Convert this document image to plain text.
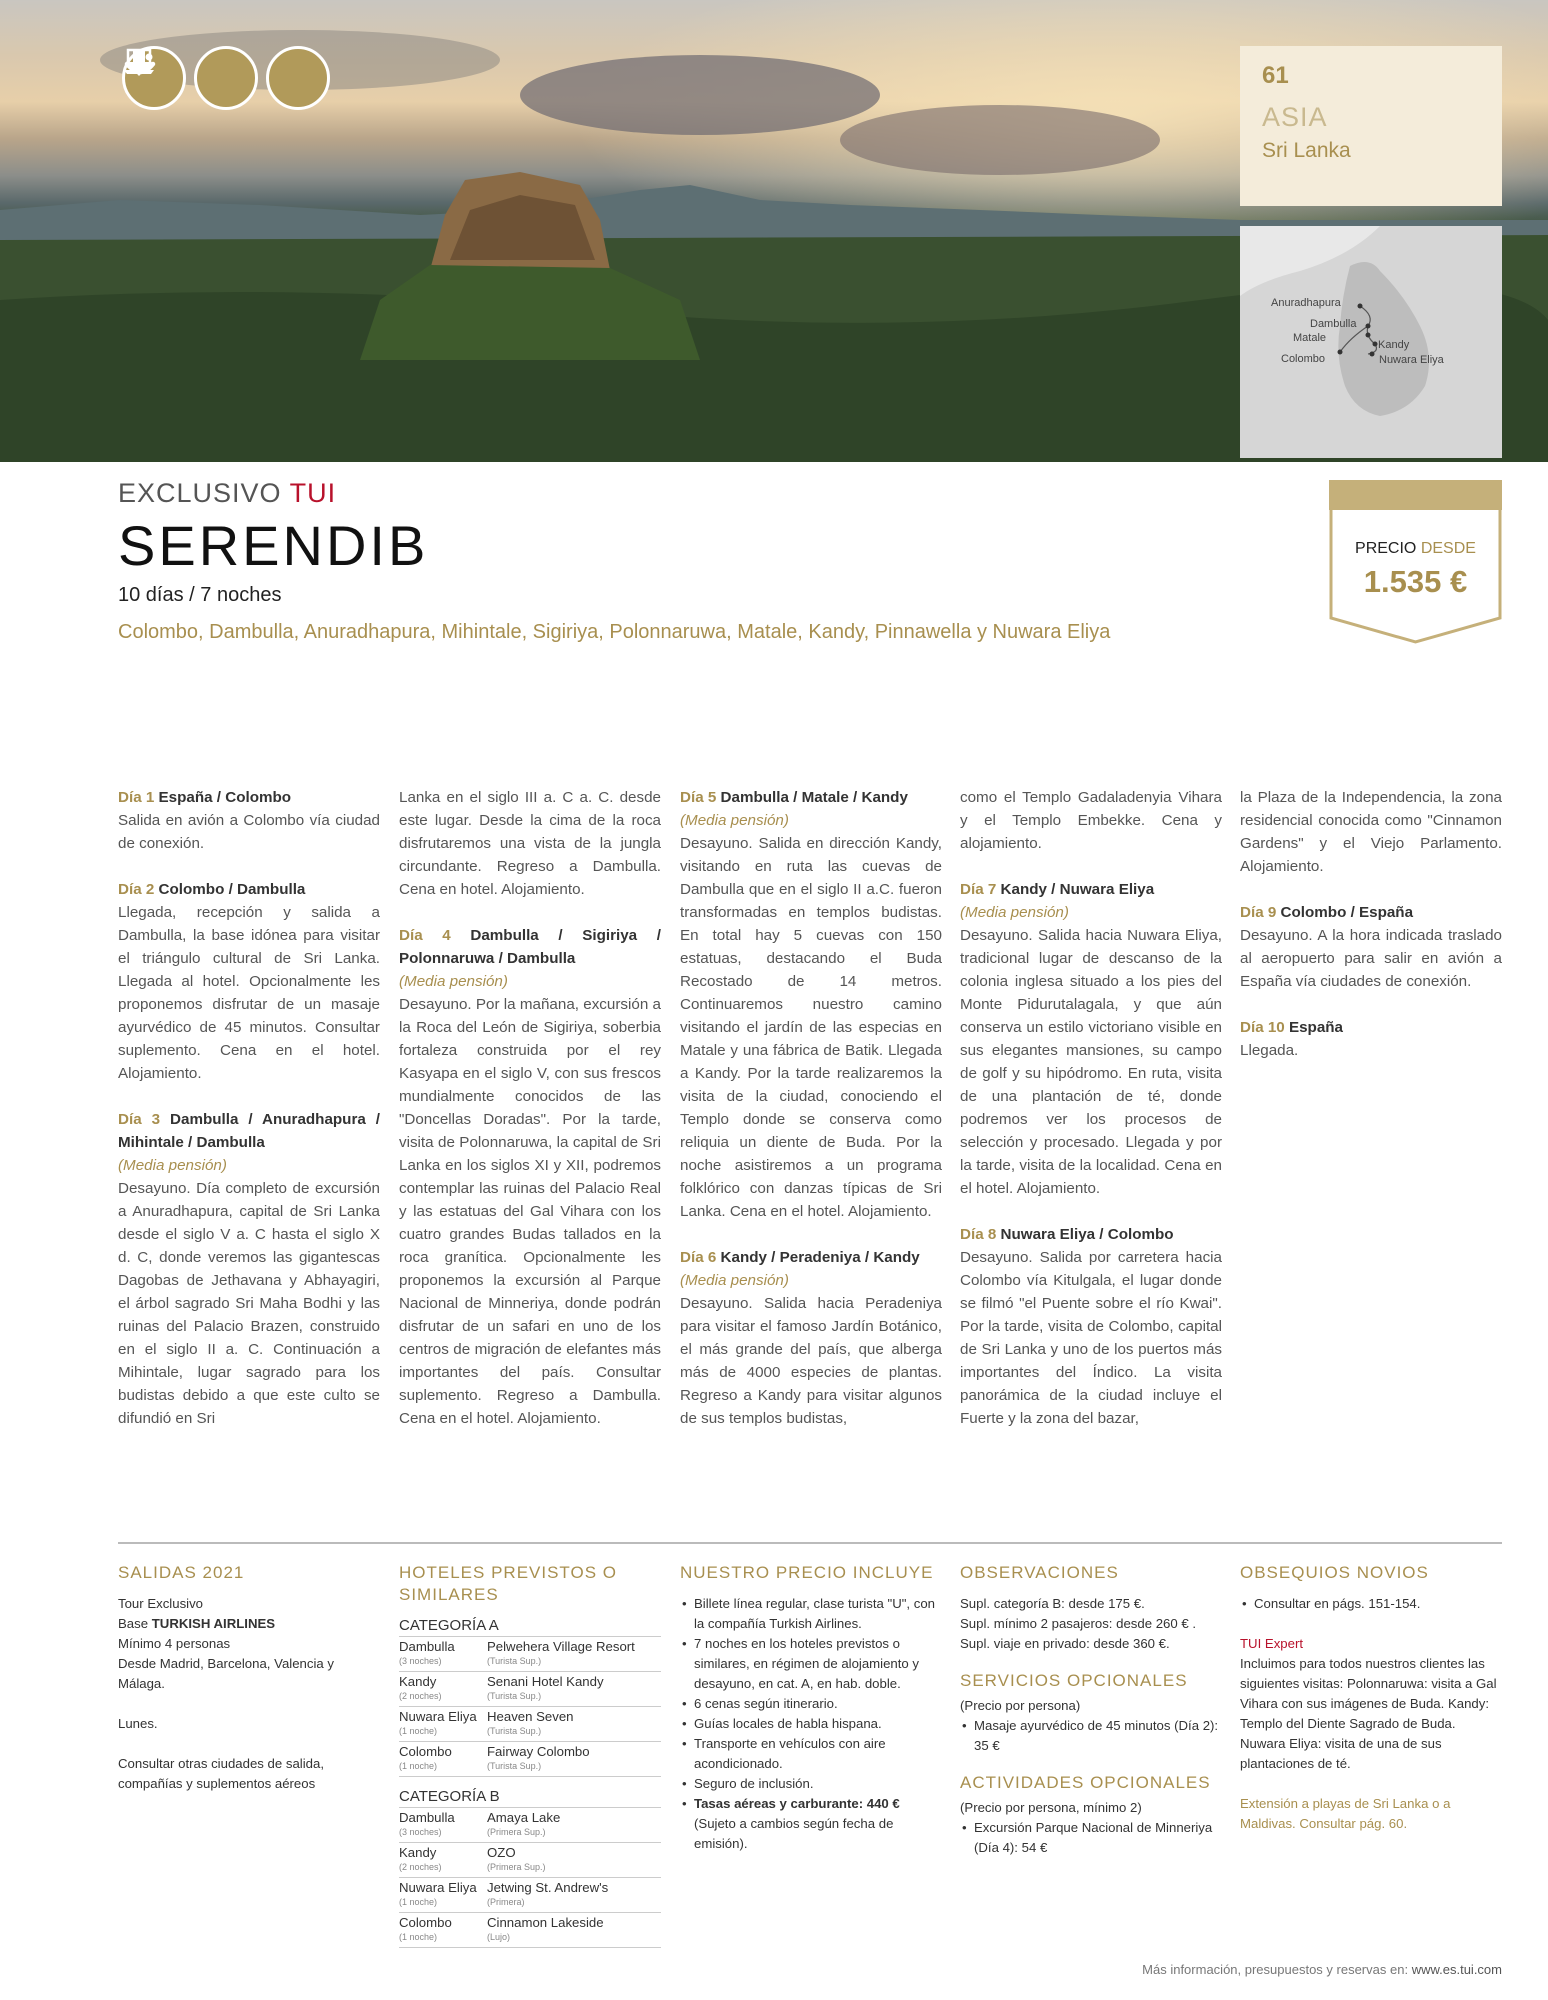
61
ASIA
Sri Lanka
Anuradhapura
Dambulla
Matale
Kandy
Colombo	Nuwara Eliya
EXCLUSIVO TUI
SERENDIB
10 días / 7 noches
Colombo, Dambulla, Anuradhapura, Mihintale, Sigiriya, Polonnaruwa, Matale, Kandy, Pinnawella y Nuwara Eliya
PRECIO DESDE
1.535 €
Día 1 España / Colombo

Salida en avión a Colombo vía ciudad de conexión.

Día 2 Colombo / Dambulla

Llegada, recepción y salida a Dambulla, la base idónea para visitar el triángulo cultural de Sri Lanka. Llegada al hotel. Opcionalmente les proponemos disfrutar de un masaje ayurvédico de 45 minutos. Consultar suplemento. Cena en el hotel. Alojamiento.

Día 3 Dambulla / Anuradhapura / Mihintale / Dambulla

(Media pensión)

Desayuno. Día completo de excursión a Anuradhapura, capital de Sri Lanka desde el siglo V a. C hasta el siglo X d. C, donde veremos las gigantescas Dagobas de Jethavana y Abhayagiri, el árbol sagrado Sri Maha Bodhi y las ruinas del Palacio Brazen, construido en el siglo II a. C. Continuación a Mihintale, lugar sagrado para los budistas debido a que este culto se difundió en Sri

Lanka en el siglo III a. C a. C. desde este lugar. Desde la cima de la roca disfrutaremos una vista de la jungla circundante. Regreso a Dambulla. Cena en hotel. Alojamiento.

Día 4 Dambulla / Sigiriya / Polonnaruwa / Dambulla

(Media pensión)

Desayuno. Por la mañana, excursión a la Roca del León de Sigiriya, soberbia fortaleza construida por el rey Kasyapa en el siglo V, con sus frescos mundialmente conocidos de las "Doncellas Doradas". Por la tarde, visita de Polonnaruwa, la capital de Sri Lanka en los siglos XI y XII, podremos contemplar las ruinas del Palacio Real y las estatuas del Gal Vihara con los cuatro grandes Budas tallados en la roca granítica. Opcionalmente les proponemos la excursión al Parque Nacional de Minneriya, donde podrán disfrutar de un safari en uno de los centros de migración de elefantes más importantes del país. Consultar suplemento. Regreso a Dambulla. Cena en el hotel. Alojamiento.

Día 5 Dambulla / Matale / Kandy

(Media pensión)

Desayuno. Salida en dirección Kandy, visitando en ruta las cuevas de Dambulla que en el siglo II a.C. fueron transformadas en templos budistas. En total hay 5 cuevas con 150 estatuas, destacando el Buda Recostado de 14 metros. Continuaremos nuestro camino visitando el jardín de las especias en Matale y una fábrica de Batik. Llegada a Kandy. Por la tarde realizaremos la visita de la ciudad, conociendo el Templo donde se conserva como reliquia un diente de Buda. Por la noche asistiremos a un programa folklórico con danzas típicas de Sri Lanka. Cena en el hotel. Alojamiento.

Día 6 Kandy / Peradeniya / Kandy

(Media pensión)

Desayuno. Salida hacia Peradeniya para visitar el famoso Jardín Botánico, el más grande del país, que alberga más de 4000 especies de plantas. Regreso a Kandy para visitar algunos de sus templos budistas,

como el Templo Gadaladenyia Vihara y el Templo Embekke. Cena y alojamiento.

Día 7 Kandy / Nuwara Eliya

(Media pensión)

Desayuno. Salida hacia Nuwara Eliya, tradicional lugar de descanso de la colonia inglesa situado a los pies del Monte Pidurutalagala, y que aún conserva un estilo victoriano visible en sus elegantes mansiones, su campo de golf y su hipódromo. En ruta, visita de una plantación de té, donde podremos ver los procesos de selección y procesado. Llegada y por la tarde, visita de la localidad. Cena en el hotel. Alojamiento.

Día 8 Nuwara Eliya / Colombo

Desayuno. Salida por carretera hacia Colombo vía Kitulgala, el lugar donde se filmó "el Puente sobre el río Kwai". Por la tarde, visita de Colombo, capital de Sri Lanka y uno de los puertos más importantes del Índico. La visita panorámica de la ciudad incluye el Fuerte y la zona del bazar,

la Plaza de la Independencia, la zona residencial conocida como "Cinnamon Gardens" y el Viejo Parlamento. Alojamiento.

Día 9 Colombo / España

Desayuno. A la hora indicada traslado al aeropuerto para salir en avión a España vía ciudades de conexión.

Día 10 España

Llegada.

SALIDAS 2021
Tour Exclusivo
Base TURKISH AIRLINES
Mínimo 4 personas
Desde Madrid, Barcelona, Valencia y Málaga.
Lunes.
Consultar otras ciudades de salida, compañías y suplementos aéreos
HOTELES PREVISTOS O SIMILARES
CATEGORÍA A
Dambulla
(3 noches)
Pelwehera Village Resort
(Turista Sup.)
Kandy
(2 noches)
Senani Hotel Kandy
(Turista Sup.)
Nuwara Eliya
(1 noche)
Heaven Seven
(Turista Sup.)
Colombo
(1 noche)
Fairway Colombo
(Turista Sup.)
CATEGORÍA B
Dambulla
(3 noches)
Amaya Lake
(Primera Sup.)
Kandy
(2 noches)
OZO
(Primera Sup.)
Nuwara Eliya
(1 noche)
Jetwing St. Andrew's
(Primera)
Colombo
(1 noche)
Cinnamon Lakeside
(Lujo)
NUESTRO PRECIO INCLUYE
• Billete línea regular, clase turista "U", con la compañía Turkish Airlines.
• 7 noches en los hoteles previstos o similares, en régimen de alojamiento y desayuno, en cat. A, en hab. doble.
• 6 cenas según itinerario.
• Guías locales de habla hispana.
• Transporte en vehículos con aire acondicionado.
• Seguro de inclusión.
• Tasas aéreas y carburante: 440 €
(Sujeto a cambios según fecha de emisión).
OBSERVACIONES
Supl. categoría B: desde 175 €.
Supl. mínimo 2 pasajeros: desde 260 € .
Supl. viaje en privado: desde 360 €.
SERVICIOS OPCIONALES
(Precio por persona)
• Masaje ayurvédico de 45 minutos (Día 2): 35 €
ACTIVIDADES OPCIONALES
(Precio por persona, mínimo 2)
• Excursión Parque Nacional de Minneriya (Día 4): 54 €
OBSEQUIOS NOVIOS
• Consultar en págs. 151-154.
TUI Expert
Incluimos para todos nuestros clientes las siguientes visitas: Polonnaruwa: visita a Gal Vihara con sus imágenes de Buda. Kandy: Templo del Diente Sagrado de Buda. Nuwara Eliya: visita de una de sus plantaciones de té.
Extensión a playas de Sri Lanka o a Maldivas. Consultar pág. 60.
Más información, presupuestos y reservas en: www.es.tui.com
